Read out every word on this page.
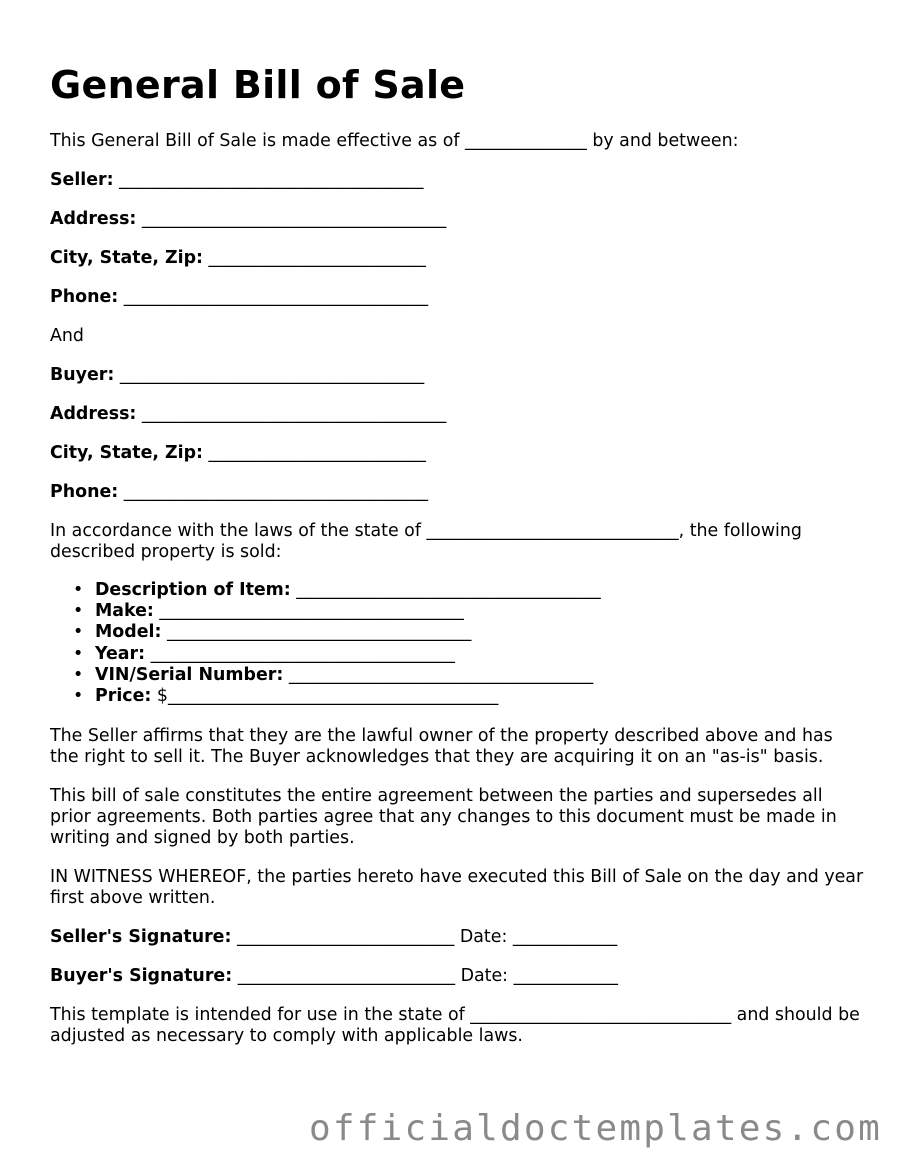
General Bill of Sale
This General Bill of Sale is made effective as of ______________ by and between:
Seller: ___________________________________
Address: ___________________________________
City, State, Zip: _________________________
Phone: ___________________________________
And
Buyer: ___________________________________
Address: ___________________________________
City, State, Zip: _________________________
Phone: ___________________________________

In accordance with the laws of the state of _____________________________, the following described property is sold:

• Description of Item: ___________________________________
• Make: ___________________________________
• Model: ___________________________________
• Year: ___________________________________
• VIN/Serial Number: ___________________________________
• Price: $______________________________________

The Seller affirms that they are the lawful owner of the property described above and has the right to sell it. The Buyer acknowledges that they are acquiring it on an "as-is" basis.

This bill of sale constitutes the entire agreement between the parties and supersedes all prior agreements. Both parties agree that any changes to this document must be made in writing and signed by both parties.

IN WITNESS WHEREOF, the parties hereto have executed this Bill of Sale on the day and year first above written.

Seller's Signature: _________________________ Date: ____________
Buyer's Signature: _________________________ Date: ____________

This template is intended for use in the state of ______________________________ and should be adjusted as necessary to comply with applicable laws.

officialdoctemplates.com
